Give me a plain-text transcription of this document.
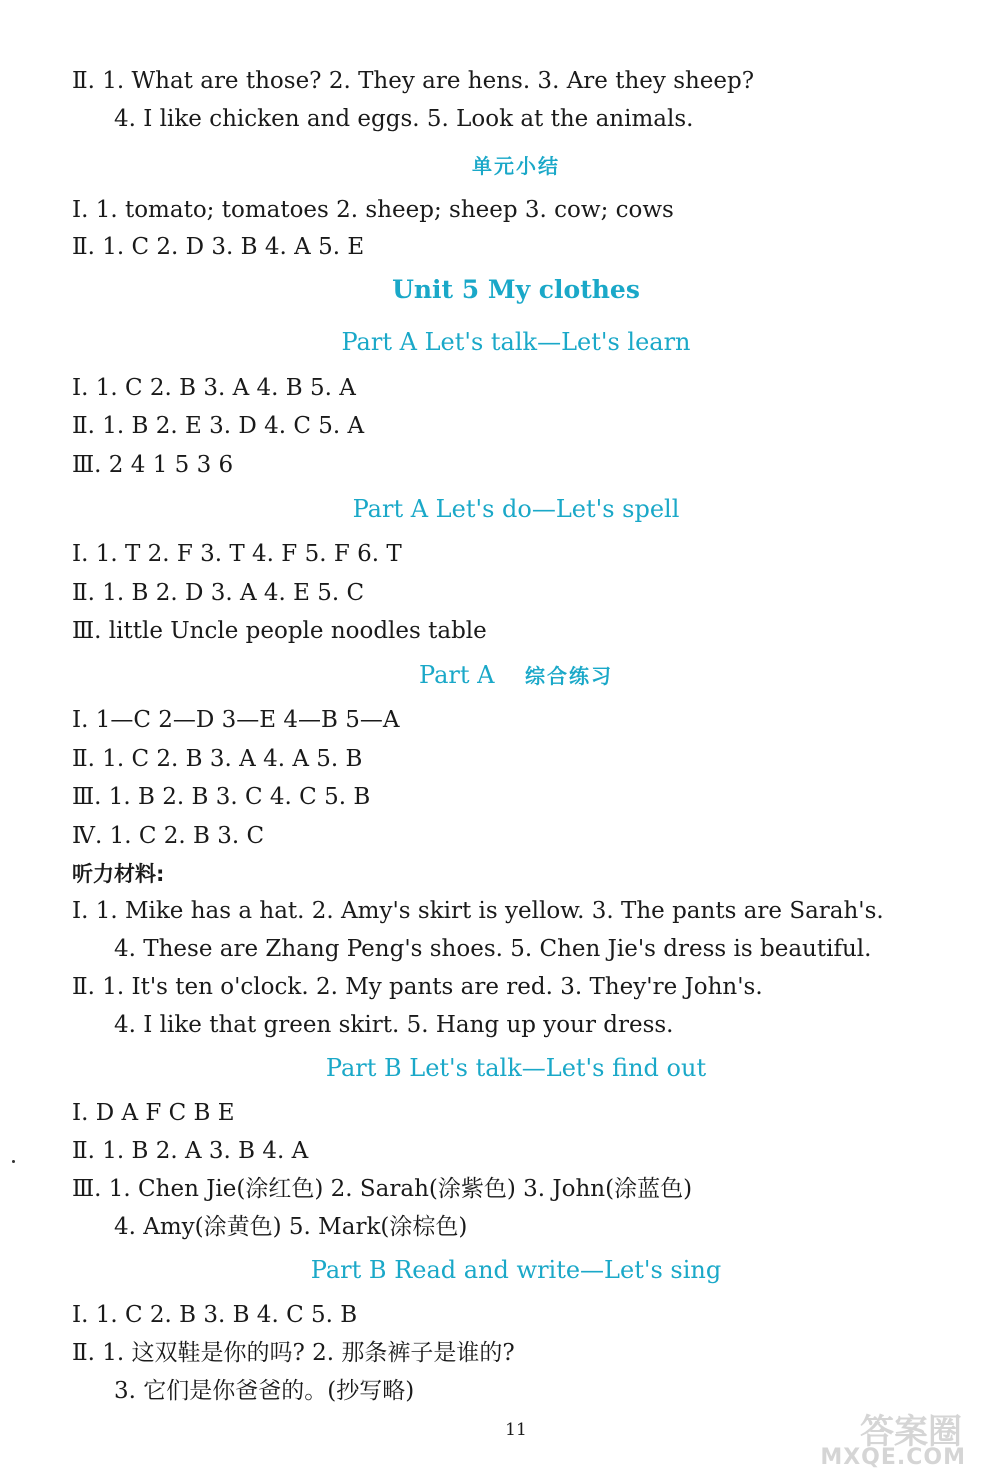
Ⅱ. 1. What are those? 2. They are hens. 3. Are they sheep?
4. I like chicken and eggs. 5. Look at the animals.
单元小结
Ⅰ. 1. tomato; tomatoes 2. sheep; sheep 3. cow; cows
Ⅱ. 1. C 2. D 3. B 4. A 5. E
Unit 5 My clothes
Part A Let's talk—Let's learn
Ⅰ. 1. C 2. B 3. A 4. B 5. A
Ⅱ. 1. B 2. E 3. D 4. C 5. A
Ⅲ. 2 4 1 5 3 6
Part A Let's do—Let's spell
Ⅰ. 1. T 2. F 3. T 4. F 5. F 6. T
Ⅱ. 1. B 2. D 3. A 4. E 5. C
Ⅲ. little Uncle people noodles table
Part A 综合练习
Ⅰ. 1—C 2—D 3—E 4—B 5—A
Ⅱ. 1. C 2. B 3. A 4. A 5. B
Ⅲ. 1. B 2. B 3. C 4. C 5. B
Ⅳ. 1. C 2. B 3. C
听力材料:
Ⅰ. 1. Mike has a hat. 2. Amy's skirt is yellow. 3. The pants are Sarah's.
4. These are Zhang Peng's shoes. 5. Chen Jie's dress is beautiful.
Ⅱ. 1. It's ten o'clock. 2. My pants are red. 3. They're John's.
4. I like that green skirt. 5. Hang up your dress.
Part B Let's talk—Let's find out
Ⅰ. D A F C B E
Ⅱ. 1. B 2. A 3. B 4. A
Ⅲ. 1. Chen Jie(涂红色) 2. Sarah(涂紫色) 3. John(涂蓝色)
4. Amy(涂黄色) 5. Mark(涂棕色)
Part B Read and write—Let's sing
Ⅰ. 1. C 2. B 3. B 4. C 5. B
Ⅱ. 1. 这双鞋是你的吗? 2. 那条裤子是谁的?
3. 它们是你爸爸的。(抄写略)
11	答案圈
MXQE.COM
